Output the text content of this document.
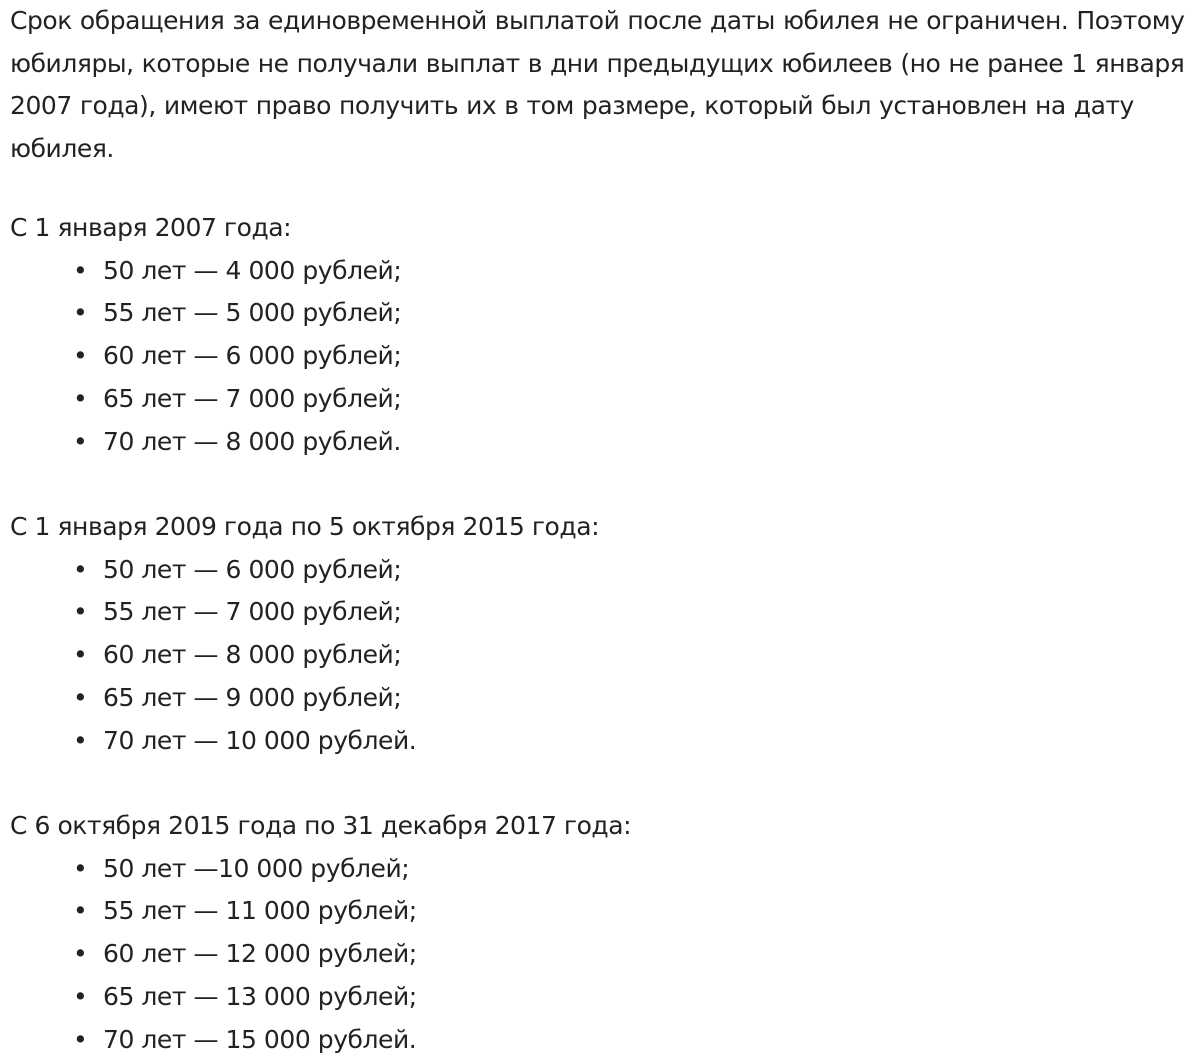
Срок обращения за единовременной выплатой после даты юбилея не ограничен. Поэтому
юбиляры, которые не получали выплат в дни предыдущих юбилеев (но не ранее 1 января
2007 года), имеют право получить их в том размере, который был установлен на дату
юбилея.

С 1 января 2007 года:

• 50 лет — 4 000 рублей;
• 55 лет — 5 000 рублей;
• 60 лет — 6 000 рублей;
• 65 лет — 7 000 рублей;
• 70 лет — 8 000 рублей.

С 1 января 2009 года по 5 октября 2015 года:

• 50 лет — 6 000 рублей;
• 55 лет — 7 000 рублей;
• 60 лет — 8 000 рублей;
• 65 лет — 9 000 рублей;
• 70 лет — 10 000 рублей.

С 6 октября 2015 года по 31 декабря 2017 года:

• 50 лет —10 000 рублей;
• 55 лет — 11 000 рублей;
• 60 лет — 12 000 рублей;
• 65 лет — 13 000 рублей;
• 70 лет — 15 000 рублей.
